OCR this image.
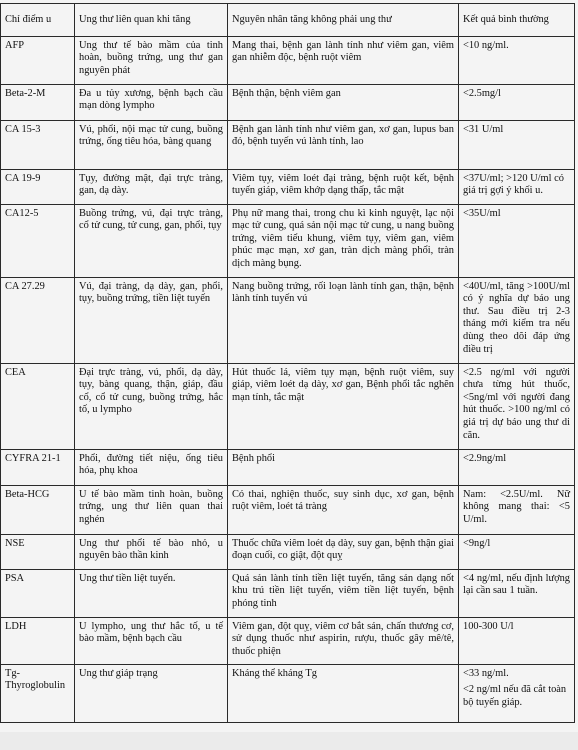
Chỉ điểm u	Ung thư liên quan khi tăng	Nguyên nhân tăng không phải ung thư	Kết quả bình thường
AFP	Ung thư tế bào mầm của tinh hoàn, buồng trứng, ung thư gan nguyên phát	Mang thai, bệnh gan lành tính như viêm gan, viêm gan nhiễm độc, bệnh ruột viêm	<10 ng/ml.
Beta-2-M	Đa u tủy xương, bệnh bạch cầu mạn dòng lympho	Bệnh thận, bệnh viêm gan	<2.5mg/l
CA 15-3	Vú, phổi, nội mạc tử cung, buồng trứng, ống tiêu hóa, bàng quang	Bệnh gan lành tính như viêm gan, xơ gan, lupus ban đỏ, bệnh tuyến vú lành tính, lao	<31 U/ml
CA 19-9	Tụy, đường mật, đại trực tràng, gan, dạ dày.	Viêm tụy, viêm loét đại tràng, bệnh ruột kết, bệnh tuyến giáp, viêm khớp dạng thấp, tắc mật	<37U/ml; >120 U/ml có giá trị gợi ý khối u.
CA12-5	Buồng trứng, vú, đại trực tràng, cổ tử cung, tử cung, gan, phổi, tụy	Phụ nữ mang thai, trong chu kì kinh nguyệt, lạc nội mạc tử cung, quá sản nội mạc tử cung, u nang buồng trứng, viêm tiểu khung, viêm tụy, viêm gan, viêm phúc mạc mạn, xơ gan, tràn dịch màng phổi, tràn dịch màng bụng.	<35U/ml
CA 27.29	Vú, đại tràng, dạ dày, gan, phổi, tụy, buồng trứng, tiền liệt tuyến	Nang buồng trứng, rối loạn lành tính gan, thận, bệnh lành tính tuyến vú	<40U/ml, tăng >100U/ml có ý nghĩa dự báo ung thư. Sau điều trị 2-3 tháng mới kiểm tra nếu dùng theo dõi đáp ứng điều trị
CEA	Đại trực tràng, vú, phổi, dạ dày, tụy, bàng quang, thận, giáp, đầu cổ, cổ tử cung, buồng trứng, hắc tố, u lympho	Hút thuốc lá, viêm tụy mạn, bệnh ruột viêm, suy giáp, viêm loét dạ dày, xơ gan, Bệnh phổi tắc nghẽn mạn tính, tắc mật	<2.5 ng/ml với người chưa từng hút thuốc, <5ng/ml với người đang hút thuốc. >100 ng/ml có giá trị dự báo ung thư di căn.
CYFRA 21-1	Phổi, đường tiết niệu, ống tiêu hóa, phụ khoa	Bệnh phổi	<2.9ng/ml
Beta-HCG	U tế bào mầm tinh hoàn, buồng trứng, ung thư liên quan thai nghén	Có thai, nghiện thuốc, suy sinh dục, xơ gan, bệnh ruột viêm, loét tá tràng	Nam: <2.5U/ml. Nữ không mang thai: <5 U/ml.
NSE	Ung thư phổi tế bào nhỏ, u nguyên bào thần kinh	Thuốc chữa viêm loét dạ dày, suy gan, bệnh thận giai đoạn cuối, co giật, đột quỵ	<9ng/l
PSA	Ung thư tiền liệt tuyến.	Quá sản lành tính tiền liệt tuyến, tăng sản dạng nốt khu trú tiền liệt tuyến, viêm tiền liệt tuyến, bệnh phóng tinh	<4 ng/ml, nếu định lượng lại cần sau 1 tuần.
LDH	U lympho, ung thư hắc tố, u tế bào mầm, bệnh bạch cầu	Viêm gan, đột quỵ, viêm cơ bắt sán, chấn thương cơ, sử dụng thuốc như aspirin, rượu, thuốc gây mê/tê, thuốc phiện	100-300 U/l
Tg-Thyroglobulin	Ung thư giáp trạng	Kháng thể kháng Tg	<33 ng/ml.

<2 ng/ml nếu đã cắt toàn bộ tuyến giáp.
